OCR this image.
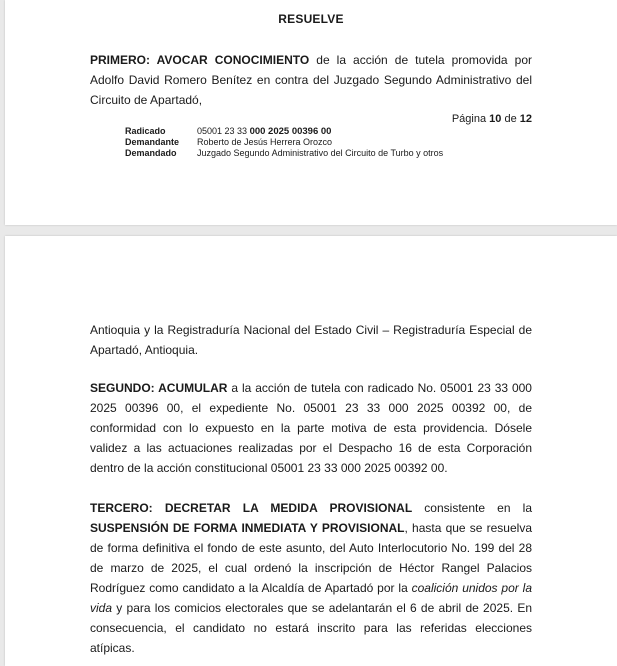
RESUELVE

PRIMERO: AVOCAR CONOCIMIENTO de la acción de tutela promovida por Adolfo David Romero Benítez en contra del Juzgado Segundo Administrativo del Circuito de Apartadó,

Página 10 de 12
Radicado	05001 23 33 000 2025 00396 00
Demandante	Roberto de Jesús Herrera Orozco
Demandado	Juzgado Segundo Administrativo del Circuito de Turbo y otros

Antioquia y la Registraduría Nacional del Estado Civil – Registraduría Especial de Apartadó, Antioquia.

SEGUNDO: ACUMULAR a la acción de tutela con radicado No. 05001 23 33 000 2025 00396 00, el expediente No. 05001 23 33 000 2025 00392 00, de conformidad con lo expuesto en la parte motiva de esta providencia. Dósele validez a las actuaciones realizadas por el Despacho 16 de esta Corporación dentro de la acción constitucional 05001 23 33 000 2025 00392 00.

TERCERO: DECRETAR LA MEDIDA PROVISIONAL consistente en la SUSPENSIÓN DE FORMA INMEDIATA Y PROVISIONAL, hasta que se resuelva de forma definitiva el fondo de este asunto, del Auto Interlocutorio No. 199 del 28 de marzo de 2025, el cual ordenó la inscripción de Héctor Rangel Palacios Rodríguez como candidato a la Alcaldía de Apartadó por la coalición unidos por la vida y para los comicios electorales que se adelantarán el 6 de abril de 2025. En consecuencia, el candidato no estará inscrito para las referidas elecciones atípicas.
